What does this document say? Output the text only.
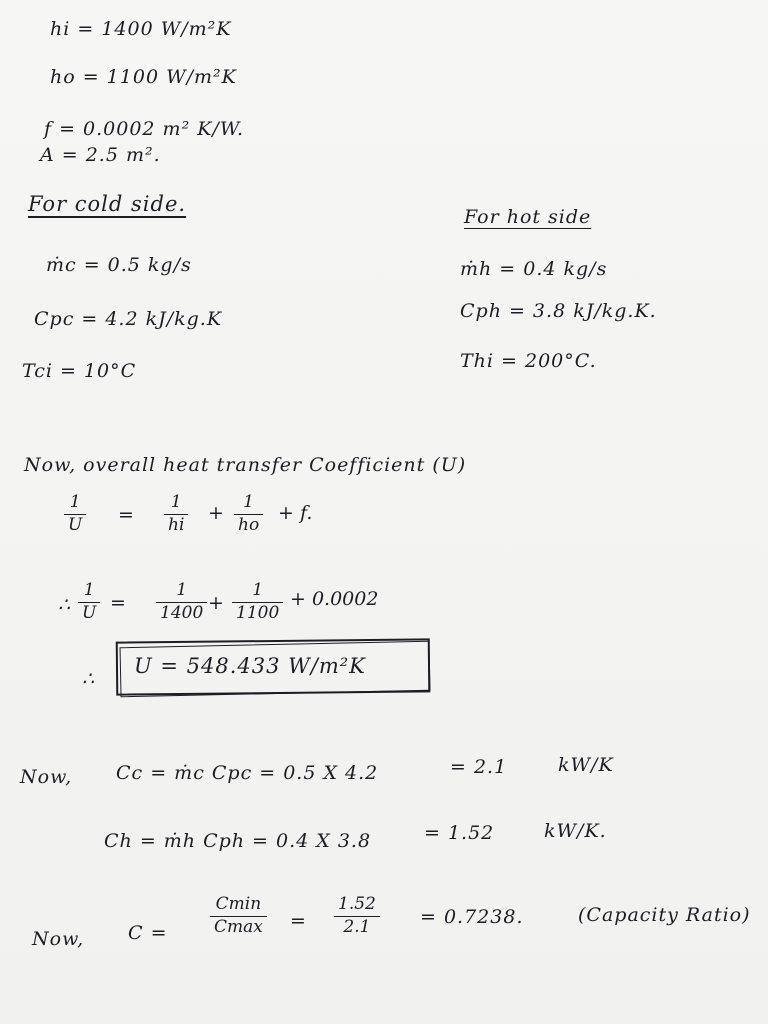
hi = 1400 W/m²K
ho = 1100 W/m²K
f = 0.0002 m² K/W.
A = 2.5 m².
For cold side.
ṁc = 0.5 kg/s
Cpc = 4.2 kJ/kg.K
Tci = 10°C
For hot side
ṁh = 0.4 kg/s
Cph = 3.8 kJ/kg.K.
Thi = 200°C.
Now, overall heat transfer Coefficient (U)
1
U =
1
hi
+ 1
ho
+ f.
∴
1
U =
1
1400 +
1
1100
+ 0.0002
∴
U = 548.433 W/m²K
Now, Cc = ṁc Cpc = 0.5 X 4.2	= 2.1	kW/K
Ch = ṁh Cph = 0.4 X 3.8	= 1.52	kW/K.
Now, C =
Cmin
Cmax =
1.52
2.1	= 0.7238.	(Capacity Ratio)
